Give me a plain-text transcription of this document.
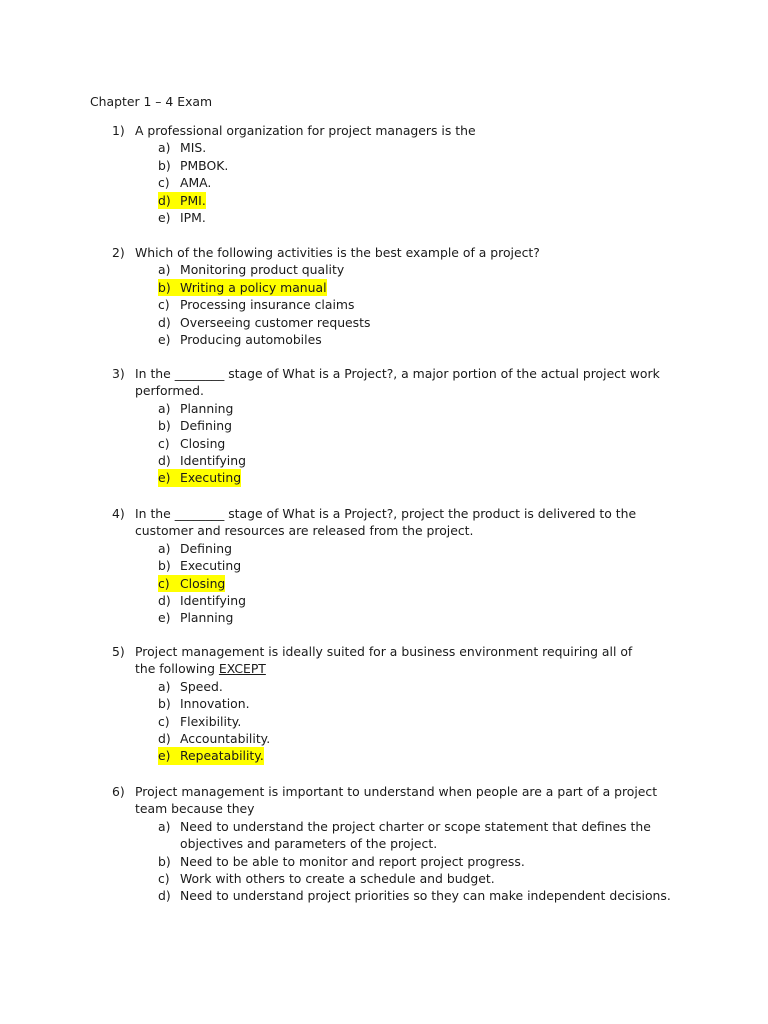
Chapter 1 – 4 Exam
1) A professional organization for project managers is the
a) MIS.
b) PMBOK.
c) AMA.
d) PMI.
e) IPM.
2) Which of the following activities is the best example of a project?
a) Monitoring product quality
b) Writing a policy manual
c) Processing insurance claims
d) Overseeing customer requests
e) Producing automobiles
3) In the ________ stage of What is a Project?, a major portion of the actual project work performed.
a) Planning
b) Defining
c) Closing
d) Identifying
e) Executing
4) In the ________ stage of What is a Project?, project the product is delivered to the customer and resources are released from the project.
a) Defining
b) Executing
c) Closing
d) Identifying
e) Planning
5) Project management is ideally suited for a business environment requiring all of the following EXCEPT
a) Speed.
b) Innovation.
c) Flexibility.
d) Accountability.
e) Repeatability.
6) Project management is important to understand when people are a part of a project team because they
a) Need to understand the project charter or scope statement that defines the objectives and parameters of the project.
b) Need to be able to monitor and report project progress.
c) Work with others to create a schedule and budget.
d) Need to understand project priorities so they can make independent decisions.
